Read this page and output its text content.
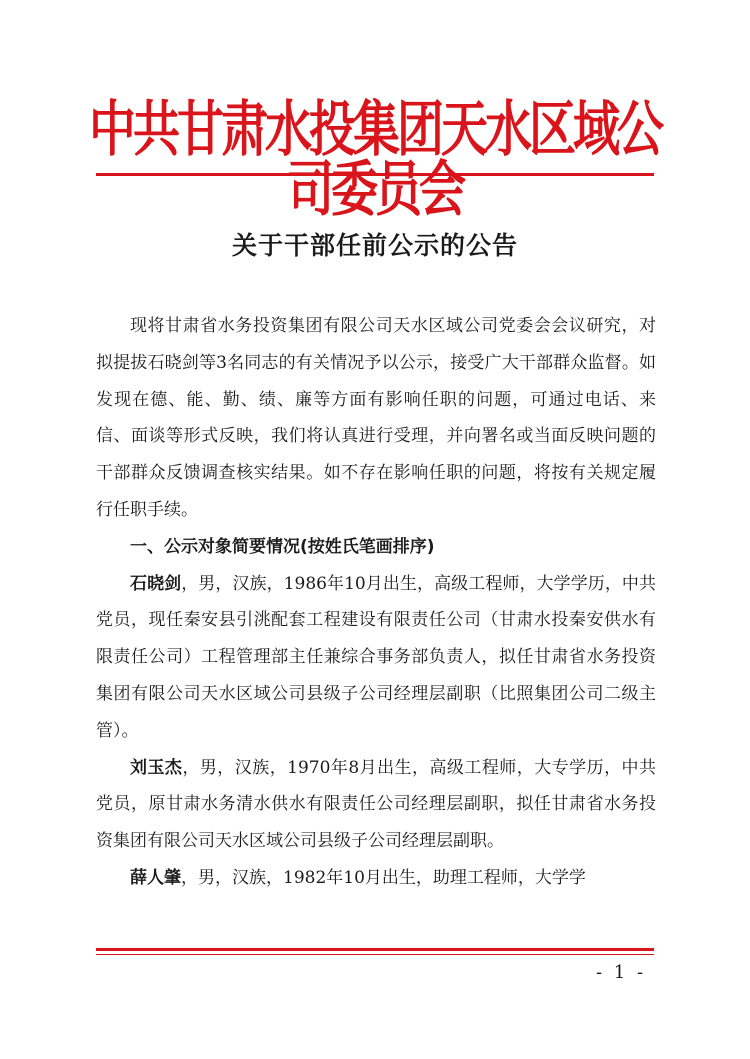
中共甘肃水投集团天水区域公司委员会
关于干部任前公示的公告

现将甘肃省水务投资集团有限公司天水区域公司党委会会议研究，对拟提拔石晓剑等3名同志的有关情况予以公示，接受广大干部群众监督。如发现在德、能、勤、绩、廉等方面有影响任职的问题，可通过电话、来信、面谈等形式反映，我们将认真进行受理，并向署名或当面反映问题的干部群众反馈调查核实结果。如不存在影响任职的问题，将按有关规定履行任职手续。

一、公示对象简要情况(按姓氏笔画排序)

石晓剑，男，汉族，1986年10月出生，高级工程师，大学学历，中共党员，现任秦安县引洮配套工程建设有限责任公司（甘肃水投秦安供水有限责任公司）工程管理部主任兼综合事务部负责人，拟任甘肃省水务投资集团有限公司天水区域公司县级子公司经理层副职（比照集团公司二级主管）。

刘玉杰，男，汉族，1970年8月出生，高级工程师，大专学历，中共党员，原甘肃水务清水供水有限责任公司经理层副职，拟任甘肃省水务投资集团有限公司天水区域公司县级子公司经理层副职。

薛人肇，男，汉族，1982年10月出生，助理工程师，大学学

- 1 -
